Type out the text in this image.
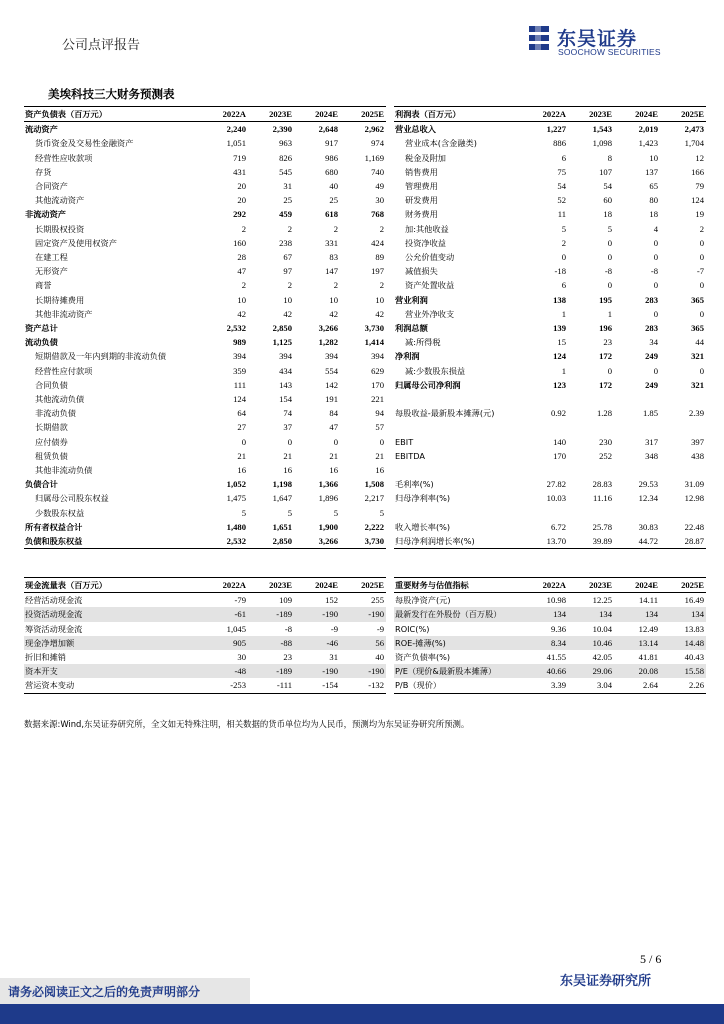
公司点评报告	东吴证券
SOOCHOW SECURITIES
美埃科技三大财务预测表
资产负债表（百万元）	2022A	2023E	2024E	2025E
流动资产	2,240	2,390	2,648	2,962
货币资金及交易性金融资产	1,051	963	917	974
经营性应收款项	719	826	986	1,169
存货	431	545	680	740
合同资产	20	31	40	49
其他流动资产	20	25	25	30
非流动资产	292	459	618	768
长期股权投资	2	2	2	2
固定资产及使用权资产	160	238	331	424
在建工程	28	67	83	89
无形资产	47	97	147	197
商誉	2	2	2	2
长期待摊费用	10	10	10	10
其他非流动资产	42	42	42	42
资产总计	2,532	2,850	3,266	3,730
流动负债	989	1,125	1,282	1,414
短期借款及一年内到期的非流动负债	394	394	394	394
经营性应付款项	359	434	554	629
合同负债	111	143	142	170
其他流动负债	124	154	191	221
非流动负债	64	74	84	94
长期借款	27	37	47	57
应付债券	0	0	0	0
租赁负债	21	21	21	21
其他非流动负债	16	16	16	16
负债合计	1,052	1,198	1,366	1,508
归属母公司股东权益	1,475	1,647	1,896	2,217
少数股东权益	5	5	5	5
所有者权益合计	1,480	1,651	1,900	2,222
负债和股东权益	2,532	2,850	3,266	3,730
利润表（百万元）	2022A	2023E	2024E	2025E
营业总收入	1,227	1,543	2,019	2,473
营业成本(含金融类)	886	1,098	1,423	1,704
税金及附加	6	8	10	12
销售费用	75	107	137	166
管理费用	54	54	65	79
研发费用	52	60	80	124
财务费用	11	18	18	19
加:其他收益	5	5	4	2
投资净收益	2	0	0	0
公允价值变动	0	0	0	0
减值损失	-18	-8	-8	-7
资产处置收益	6	0	0	0
营业利润	138	195	283	365
营业外净收支	1	1	0	0
利润总额	139	196	283	365
减:所得税	15	23	34	44
净利润	124	172	249	321
减:少数股东损益	1	0	0	0
归属母公司净利润	123	172	249	321

每股收益-最新股本摊薄(元)	0.92	1.28	1.85	2.39

EBIT	140	230	317	397
EBITDA	170	252	348	438

毛利率(%)	27.82	28.83	29.53	31.09
归母净利率(%)	10.03	11.16	12.34	12.98

收入增长率(%)	6.72	25.78	30.83	22.48
归母净利润增长率(%)	13.70	39.89	44.72	28.87
现金流量表（百万元）	2022A	2023E	2024E	2025E
经营活动现金流	-79	109	152	255
投资活动现金流	-61	-189	-190	-190
筹资活动现金流	1,045	-8	-9	-9
现金净增加额	905	-88	-46	56
折旧和摊销	30	23	31	40
资本开支	-48	-189	-190	-190
营运资本变动	-253	-111	-154	-132
重要财务与估值指标	2022A	2023E	2024E	2025E
每股净资产(元)	10.98	12.25	14.11	16.49
最新发行在外股份（百万股）	134	134	134	134
ROIC(%)	9.36	10.04	12.49	13.83
ROE-摊薄(%)	8.34	10.46	13.14	14.48
资产负债率(%)	41.55	42.05	41.81	40.43
P/E（现价&最新股本摊薄）	40.66	29.06	20.08	15.58
P/B（现价）	3.39	3.04	2.64	2.26
数据来源:Wind,东吴证券研究所，全文如无特殊注明，相关数据的货币单位均为人民币，预测均为东吴证券研究所预测。
5 / 6
请务必阅读正文之后的免责声明部分
东吴证券研究所
